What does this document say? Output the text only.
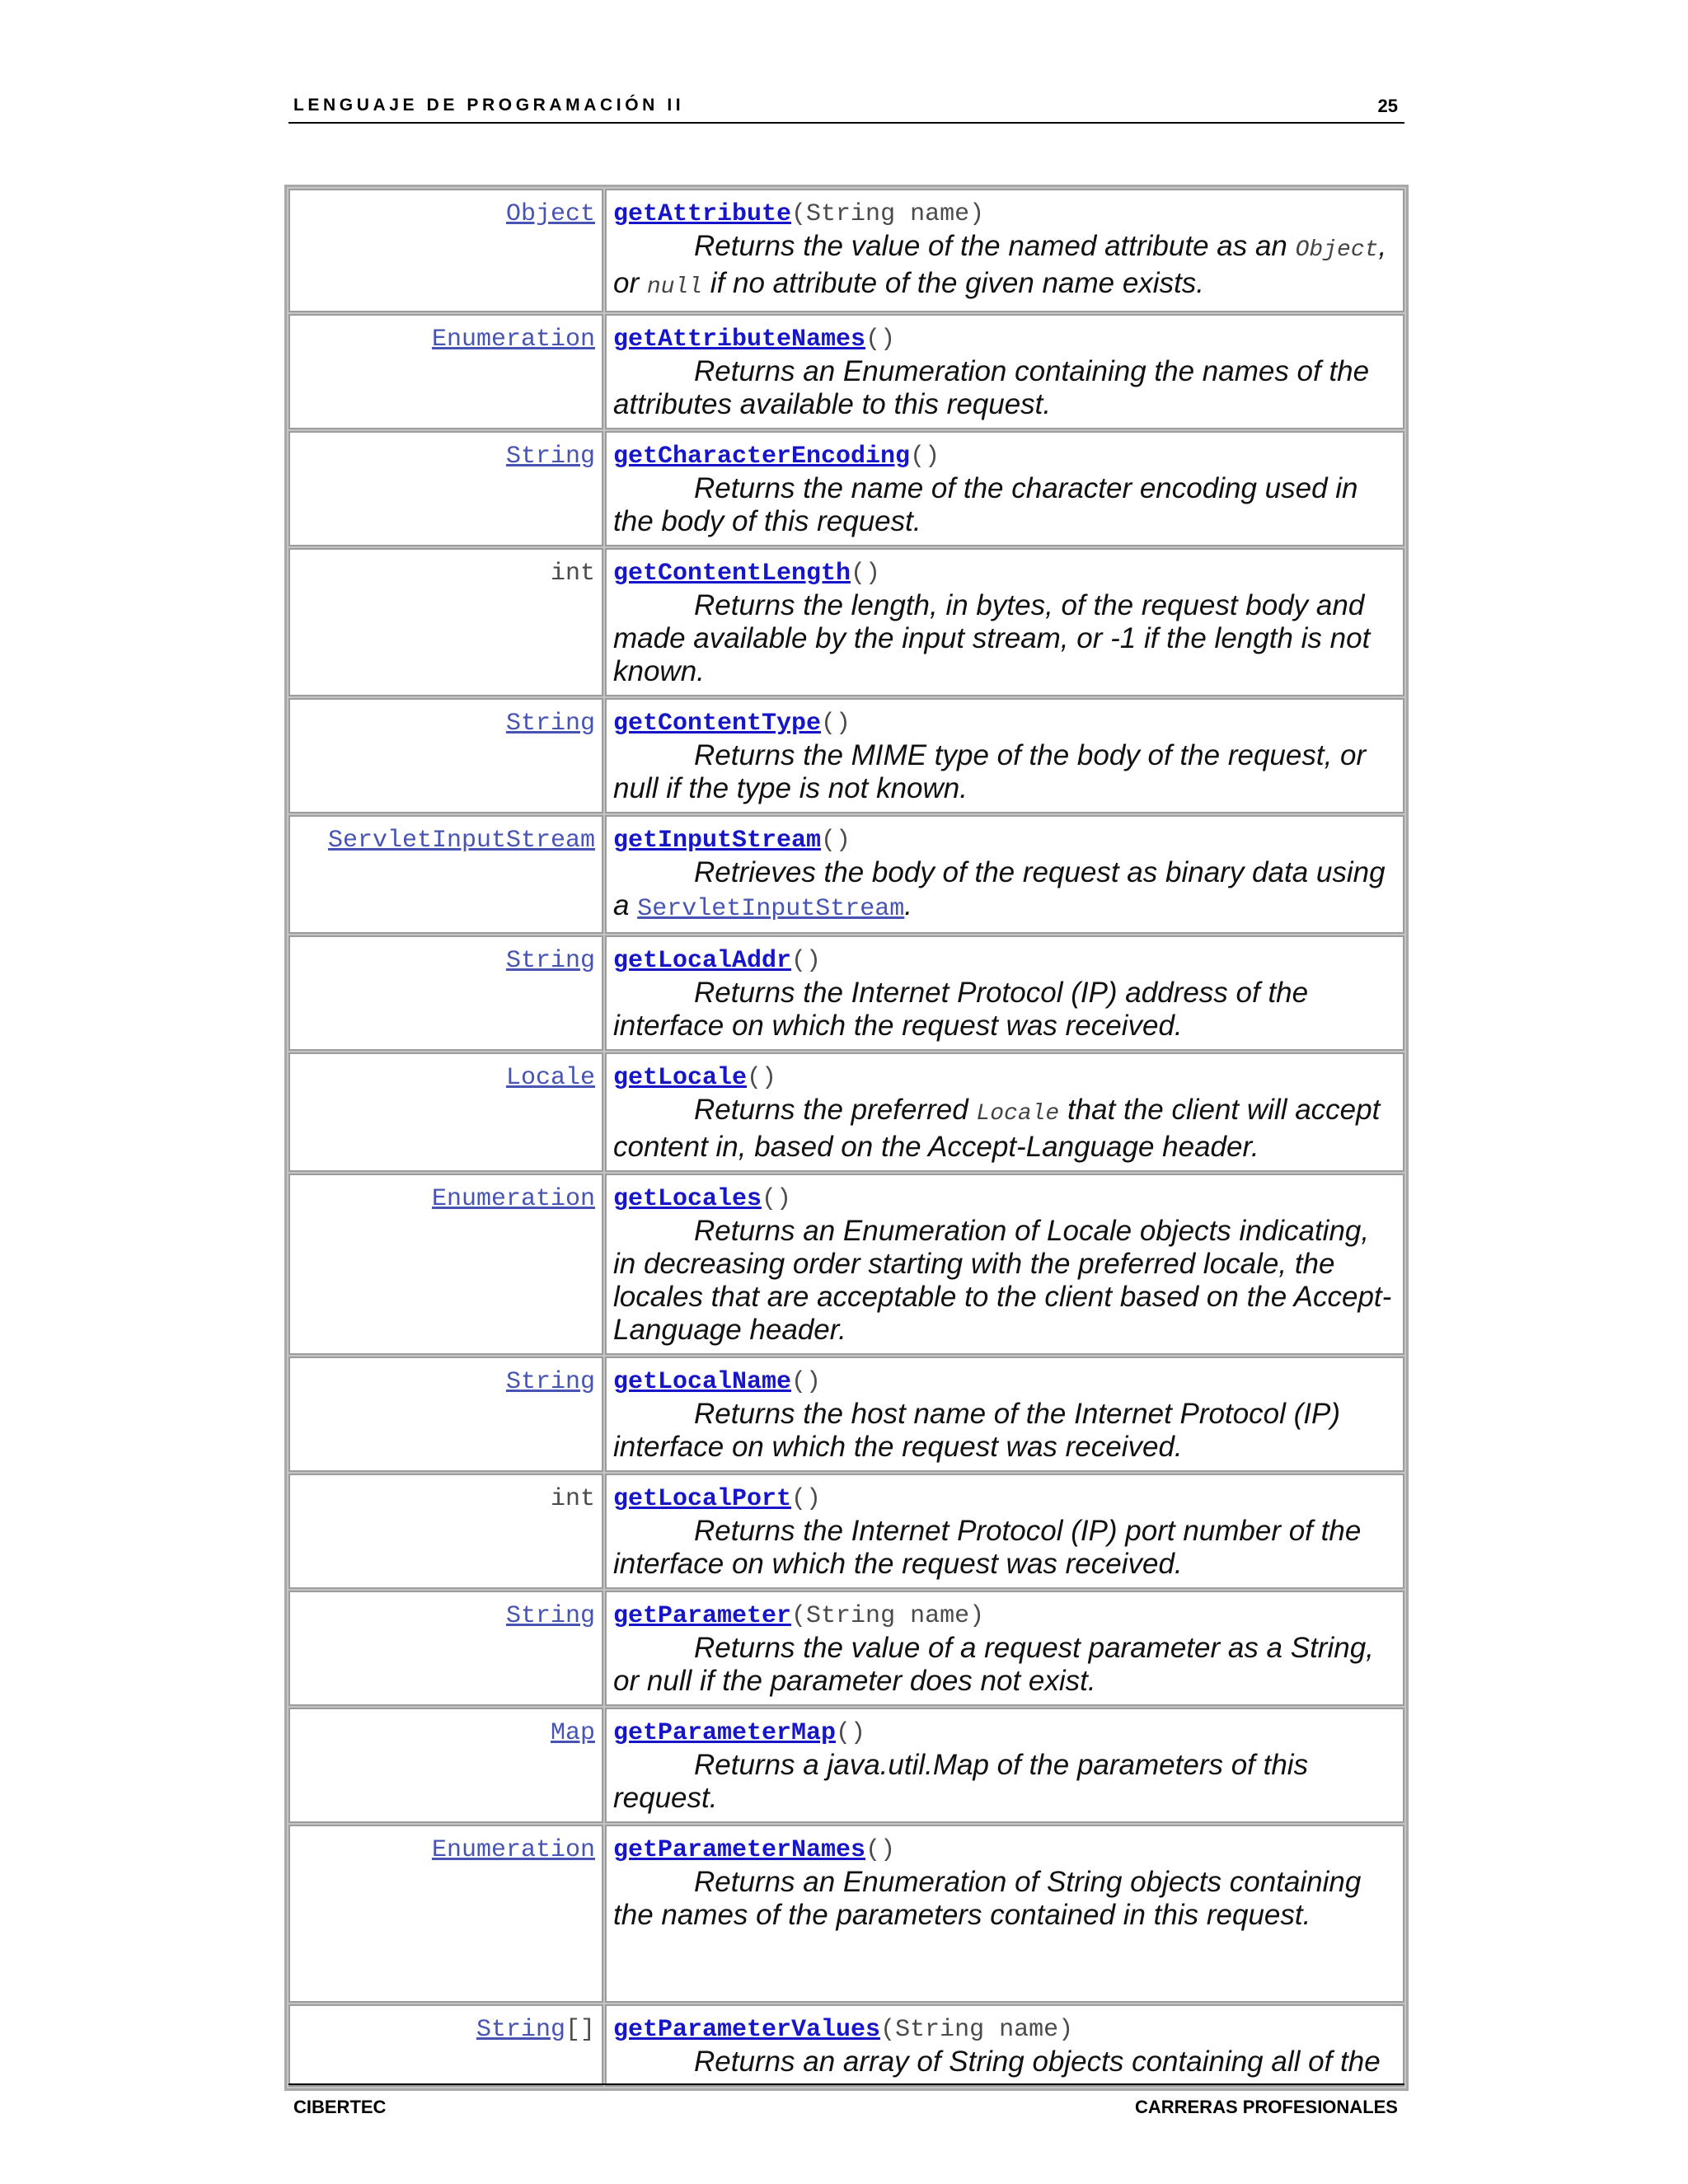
LENGUAJE DE PROGRAMACIÓN II	25
Object	getAttribute(String name)
Returns the value of the named attribute as an Object, or null if no attribute of the given name exists.

Enumeration	getAttributeNames()
Returns an Enumeration containing the names of the attributes available to this request.

String	getCharacterEncoding()
Returns the name of the character encoding used in the body of this request.

int	getContentLength()
Returns the length, in bytes, of the request body and made available by the input stream, or -1 if the length is not known.

String	getContentType()
Returns the MIME type of the body of the request, or null if the type is not known.

ServletInputStream	getInputStream()
Retrieves the body of the request as binary data using a ServletInputStream.

String	getLocalAddr()
Returns the Internet Protocol (IP) address of the interface on which the request was received.

Locale	getLocale()
Returns the preferred Locale that the client will accept content in, based on the Accept-Language header.

Enumeration	getLocales()
Returns an Enumeration of Locale objects indicating, in decreasing order starting with the preferred locale, the locales that are acceptable to the client based on the Accept-Language header.

String	getLocalName()
Returns the host name of the Internet Protocol (IP) interface on which the request was received.

int	getLocalPort()
Returns the Internet Protocol (IP) port number of the interface on which the request was received.

String	getParameter(String name)
Returns the value of a request parameter as a String, or null if the parameter does not exist.

Map	getParameterMap()
Returns a java.util.Map of the parameters of this request.

Enumeration	getParameterNames()
Returns an Enumeration of String objects containing the names of the parameters contained in this request.

String[]	getParameterValues(String name)
Returns an array of String objects containing all of the
CIBERTEC	CARRERAS PROFESIONALES
